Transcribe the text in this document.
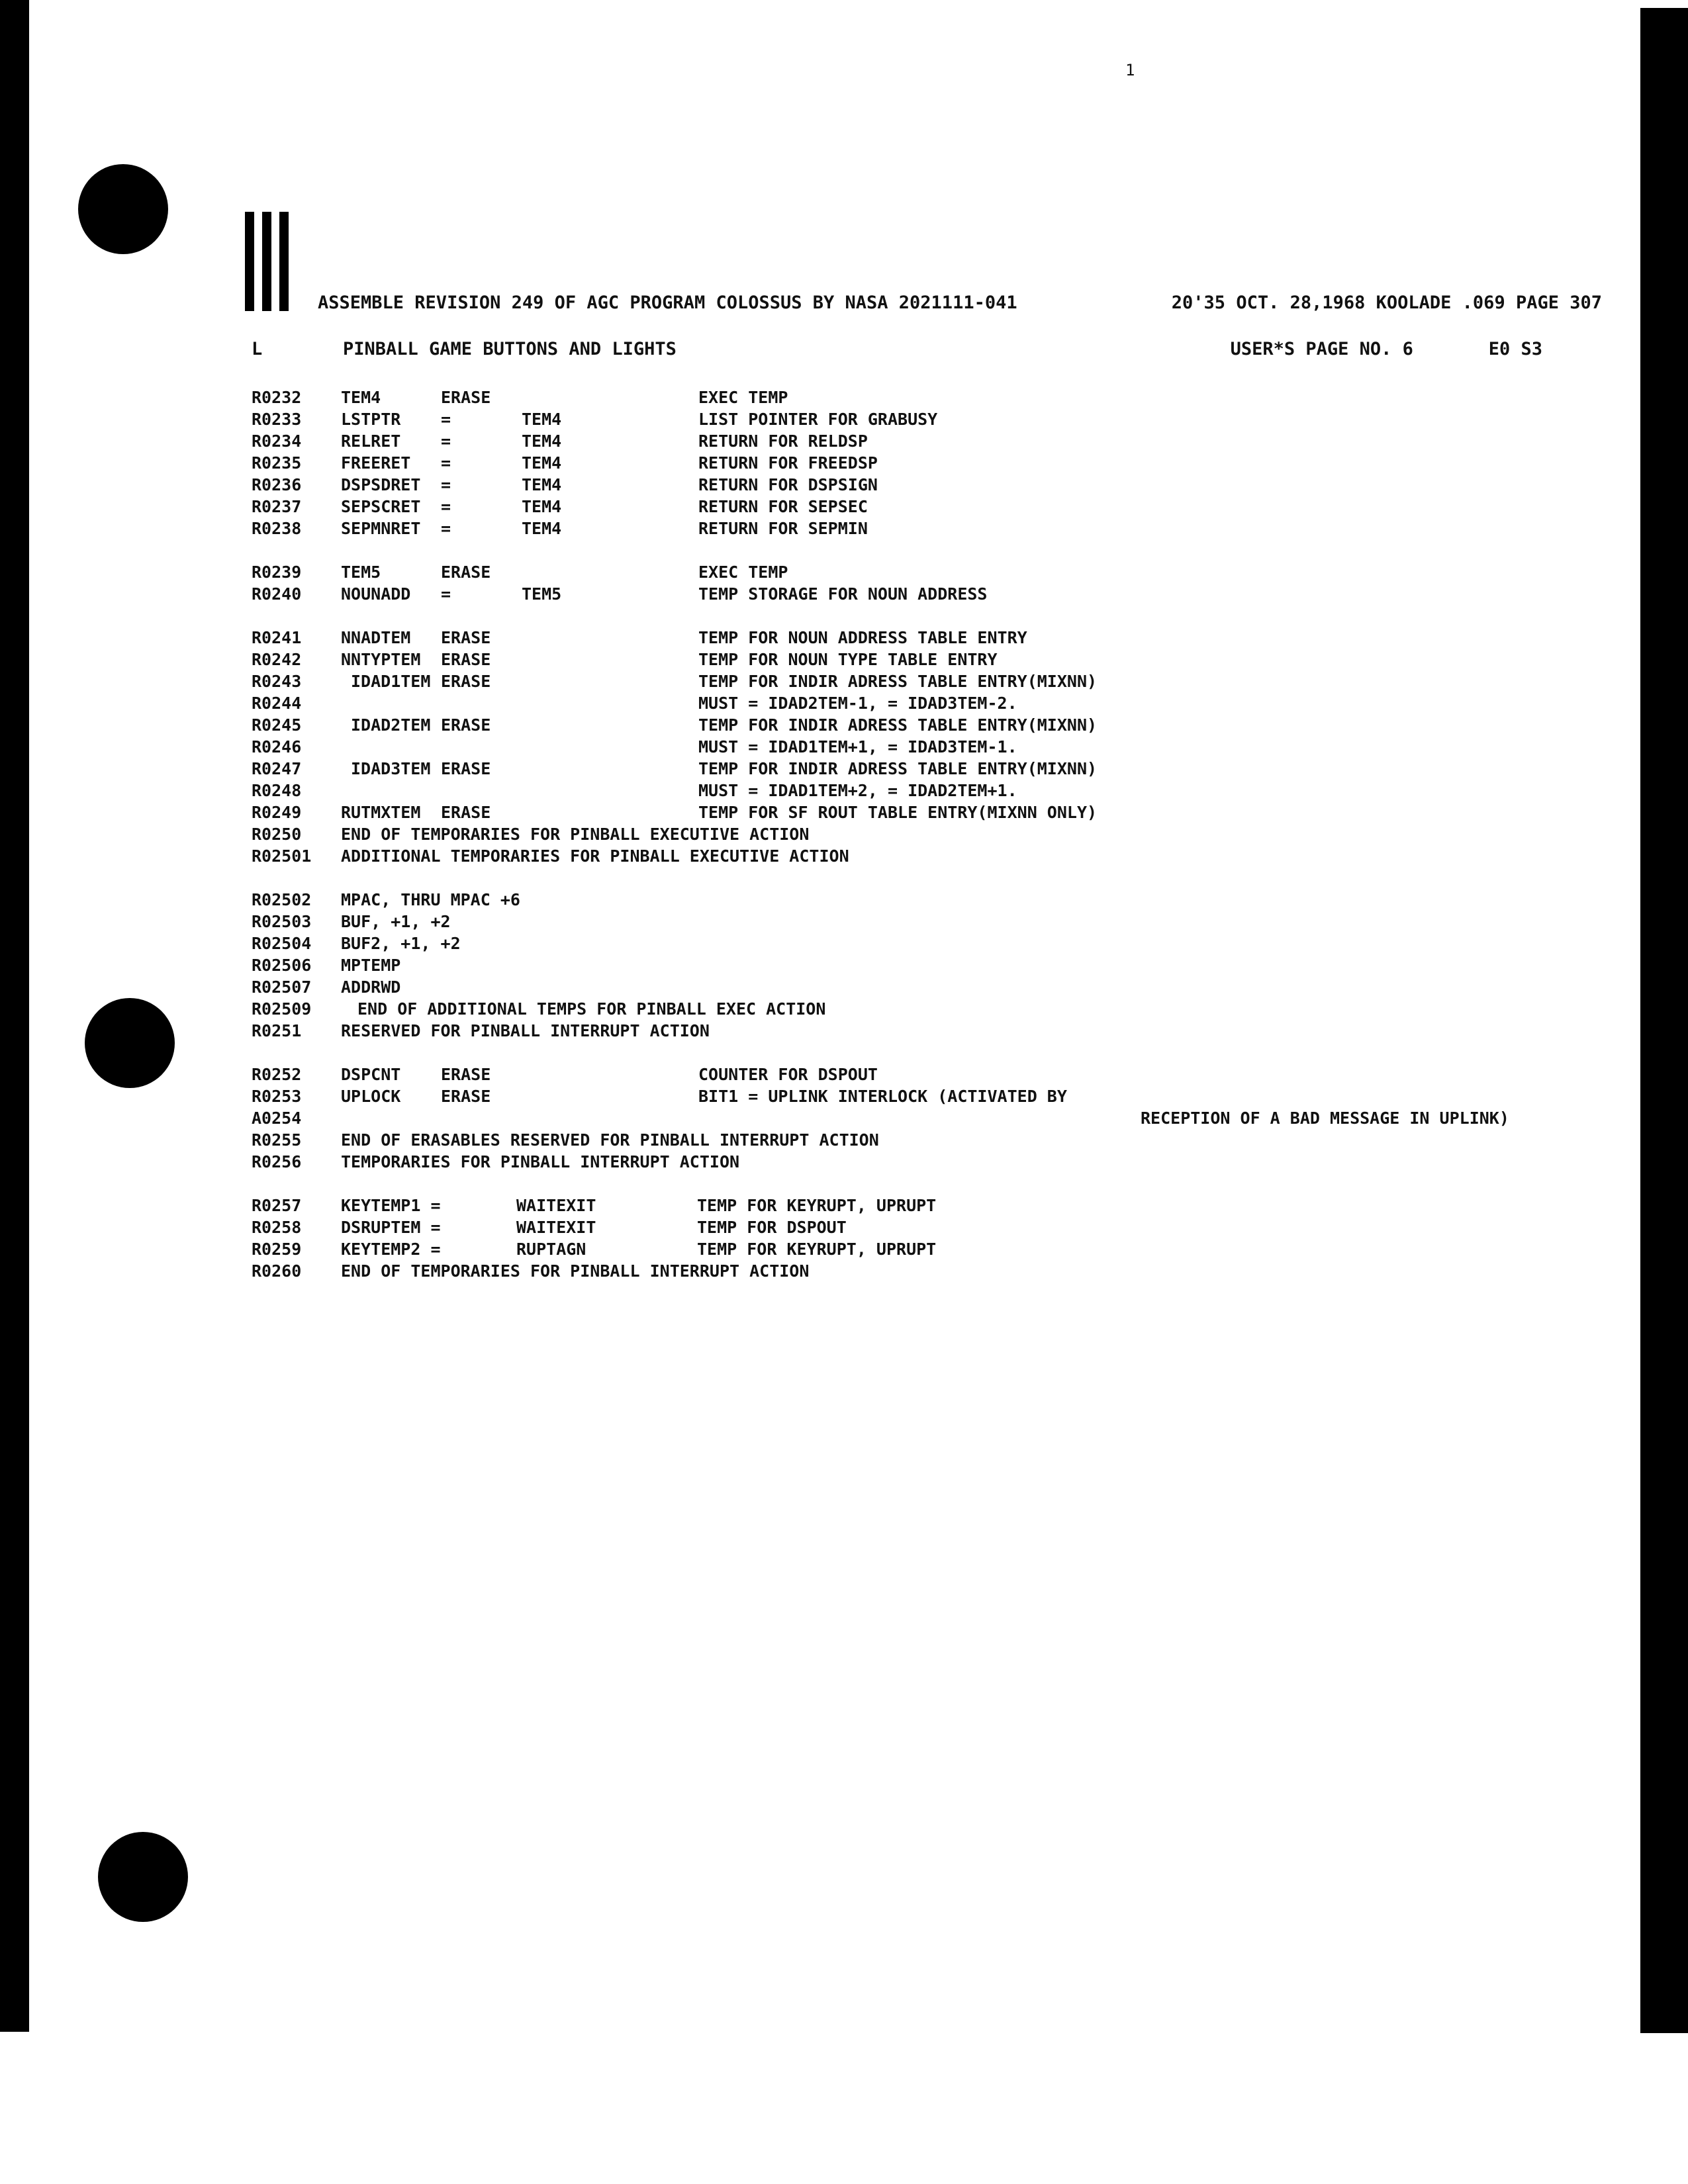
1
ASSEMBLE REVISION 249 OF AGC PROGRAM COLOSSUS BY NASA 2021111-041	20'35 OCT. 28,1968 KOOLADE .069 PAGE 307
L	PINBALL GAME BUTTONS AND LIGHTS	USER*S PAGE NO. 6	E0 S3
R0232 TEM4	ERASE	EXEC TEMP
R0233 LSTPTR =	TEM4	LIST POINTER FOR GRABUSY
R0234 RELRET =	TEM4	RETURN FOR RELDSP
R0235 FREERET =	TEM4	RETURN FOR FREEDSP
R0236 DSPSDRET =	TEM4	RETURN FOR DSPSIGN
R0237 SEPSCRET =	TEM4	RETURN FOR SEPSEC
R0238 SEPMNRET =	TEM4	RETURN FOR SEPMIN
R0239 TEM5	ERASE	EXEC TEMP
R0240 NOUNADD =	TEM5	TEMP STORAGE FOR NOUN ADDRESS
R0241 NNADTEM ERASE	TEMP FOR NOUN ADDRESS TABLE ENTRY
R0242 NNTYPTEM ERASE	TEMP FOR NOUN TYPE TABLE ENTRY
R0243	IDAD1TEM ERASE	TEMP FOR INDIR ADRESS TABLE ENTRY(MIXNN)
R0244	MUST = IDAD2TEM-1, = IDAD3TEM-2.
R0245	IDAD2TEM ERASE	TEMP FOR INDIR ADRESS TABLE ENTRY(MIXNN)
R0246	MUST = IDAD1TEM+1, = IDAD3TEM-1.
R0247	IDAD3TEM ERASE	TEMP FOR INDIR ADRESS TABLE ENTRY(MIXNN)
R0248	MUST = IDAD1TEM+2, = IDAD2TEM+1.
R0249 RUTMXTEM ERASE	TEMP FOR SF ROUT TABLE ENTRY(MIXNN ONLY)
R0250 END OF TEMPORARIES FOR PINBALL EXECUTIVE ACTION
R02501 ADDITIONAL TEMPORARIES FOR PINBALL EXECUTIVE ACTION
R02502 MPAC, THRU MPAC +6
R02503 BUF, +1, +2
R02504 BUF2, +1, +2
R02506 MPTEMP
R02507 ADDRWD
R02509	END OF ADDITIONAL TEMPS FOR PINBALL EXEC ACTION
R0251 RESERVED FOR PINBALL INTERRUPT ACTION
R0252 DSPCNT ERASE	COUNTER FOR DSPOUT
R0253 UPLOCK ERASE	BIT1 = UPLINK INTERLOCK (ACTIVATED BY
A0254	RECEPTION OF A BAD MESSAGE IN UPLINK)
R0255 END OF ERASABLES RESERVED FOR PINBALL INTERRUPT ACTION
R0256 TEMPORARIES FOR PINBALL INTERRUPT ACTION
R0257 KEYTEMP1 =	WAITEXIT	TEMP FOR KEYRUPT, UPRUPT
R0258 DSRUPTEM =	WAITEXIT	TEMP FOR DSPOUT
R0259 KEYTEMP2 =	RUPTAGN	TEMP FOR KEYRUPT, UPRUPT
R0260 END OF TEMPORARIES FOR PINBALL INTERRUPT ACTION
